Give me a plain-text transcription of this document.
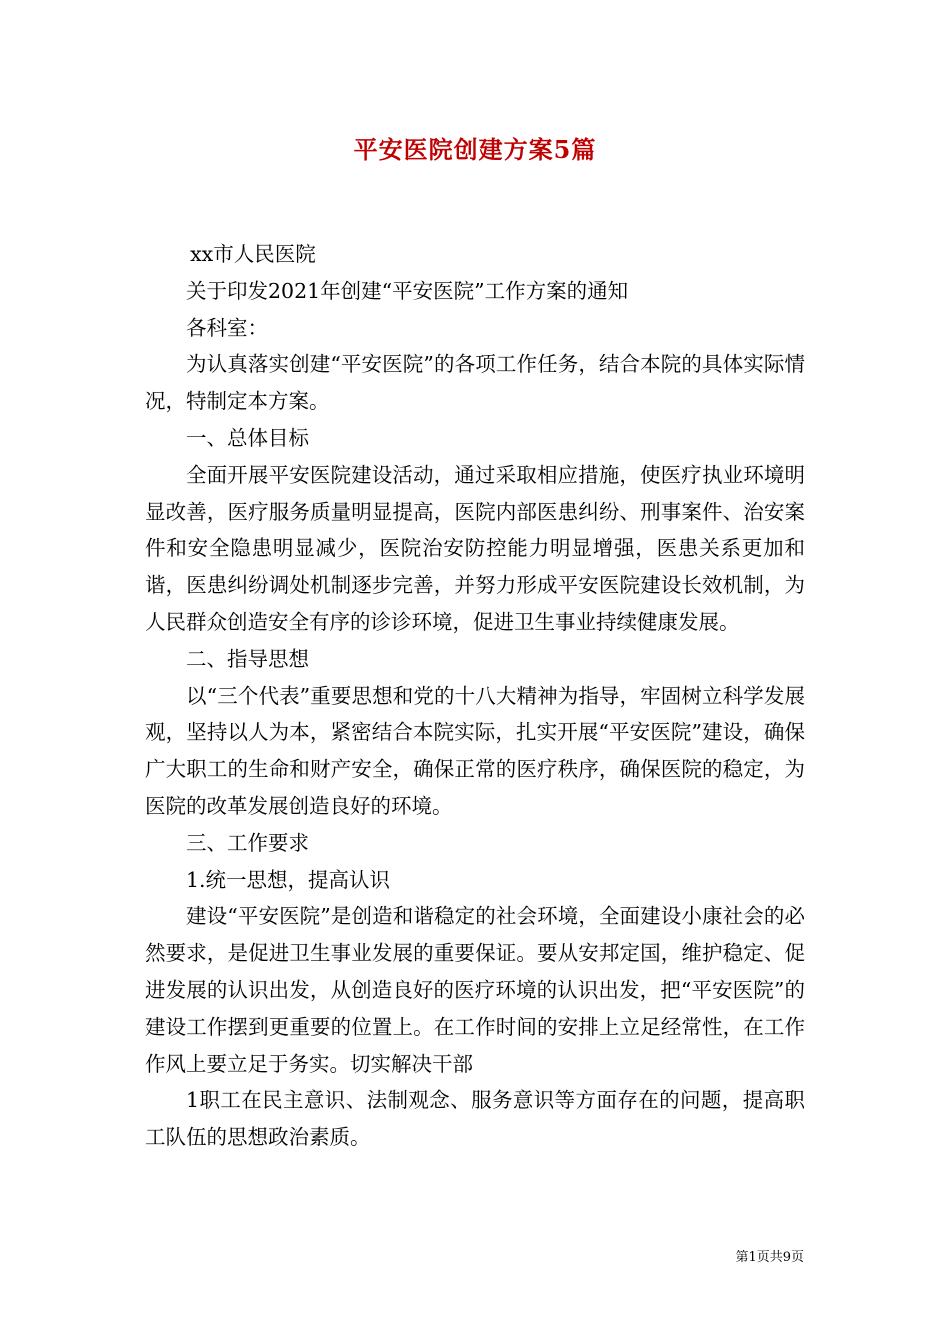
平安医院创建方案5篇

xx市人民医院

关于印发2021年创建“平安医院”工作方案的通知

各科室：

为认真落实创建“平安医院”的各项工作任务，结合本院的具体实际情况，特制定本方案。

一、总体目标

全面开展平安医院建设活动，通过采取相应措施，使医疗执业环境明显改善，医疗服务质量明显提高，医院内部医患纠纷、刑事案件、治安案件和安全隐患明显减少，医院治安防控能力明显增强，医患关系更加和谐，医患纠纷调处机制逐步完善，并努力形成平安医院建设长效机制，为人民群众创造安全有序的诊诊环境，促进卫生事业持续健康发展。

二、指导思想

以“三个代表”重要思想和党的十八大精神为指导，牢固树立科学发展观，坚持以人为本，紧密结合本院实际，扎实开展“平安医院”建设，确保广大职工的生命和财产安全，确保正常的医疗秩序，确保医院的稳定，为医院的改革发展创造良好的环境。

三、工作要求

1.统一思想，提高认识

建设“平安医院”是创造和谐稳定的社会环境，全面建设小康社会的必然要求，是促进卫生事业发展的重要保证。要从安邦定国，维护稳定、促进发展的认识出发，从创造良好的医疗环境的认识出发，把“平安医院”的建设工作摆到更重要的位置上。在工作时间的安排上立足经常性，在工作作风上要立足于务实。切实解决干部

1职工在民主意识、法制观念、服务意识等方面存在的问题，提高职工队伍的思想政治素质。

第1页共9页
